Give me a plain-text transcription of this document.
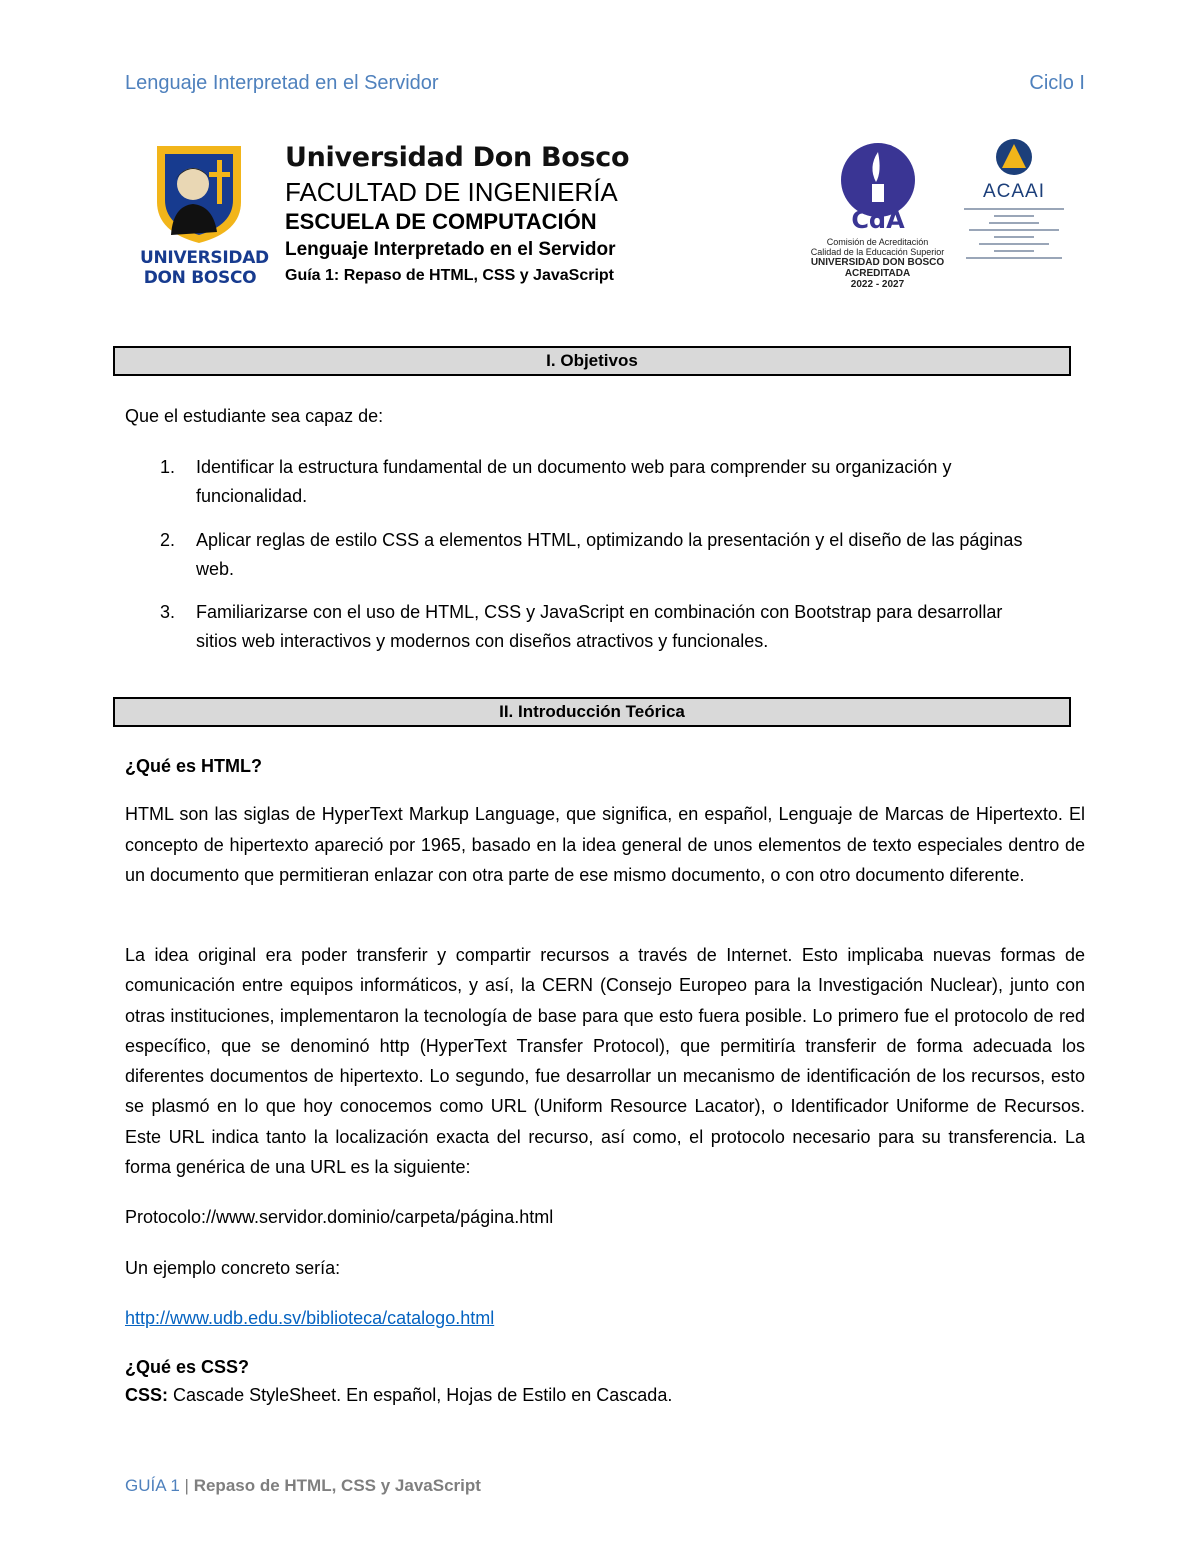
Lenguaje Interpretad en el Servidor	Ciclo I
UNIVERSIDAD
DON BOSCO
Universidad Don Bosco
FACULTAD DE INGENIERÍA
ESCUELA DE COMPUTACIÓN
Lenguaje Interpretado en el Servidor
Guía 1: Repaso de HTML, CSS y JavaScript
CdA
Comisión de Acreditación
Calidad de la Educación Superior
UNIVERSIDAD DON BOSCO
ACREDITADA
2022 - 2027
ACAAI
I. Objetivos
Que el estudiante sea capaz de:
1. Identificar la estructura fundamental de un documento web para comprender su organización y
funcionalidad.
2. Aplicar reglas de estilo CSS a elementos HTML, optimizando la presentación y el diseño de las páginas
web.
3. Familiarizarse con el uso de HTML, CSS y JavaScript en combinación con Bootstrap para desarrollar
sitios web interactivos y modernos con diseños atractivos y funcionales.
II. Introducción Teórica
¿Qué es HTML?
HTML son las siglas de HyperText Markup Language, que significa, en español, Lenguaje de Marcas de Hipertexto. El concepto de hipertexto apareció por 1965, basado en la idea general de unos elementos de texto especiales dentro de un documento que permitieran enlazar con otra parte de ese mismo documento, o con otro documento diferente.
La idea original era poder transferir y compartir recursos a través de Internet. Esto implicaba nuevas formas de comunicación entre equipos informáticos, y así, la CERN (Consejo Europeo para la Investigación Nuclear), junto con otras instituciones, implementaron la tecnología de base para que esto fuera posible. Lo primero fue el protocolo de red específico, que se denominó http (HyperText Transfer Protocol), que permitiría transferir de forma adecuada los diferentes documentos de hipertexto. Lo segundo, fue desarrollar un mecanismo de identificación de los recursos, esto se plasmó en lo que hoy conocemos como URL (Uniform Resource Lacator), o Identificador Uniforme de Recursos. Este URL indica tanto la localización exacta del recurso, así como, el protocolo necesario para su transferencia. La forma genérica de una URL es la siguiente:
Protocolo://www.servidor.dominio/carpeta/página.html
Un ejemplo concreto sería:
http://www.udb.edu.sv/biblioteca/catalogo.html
¿Qué es CSS?
CSS: Cascade StyleSheet. En español, Hojas de Estilo en Cascada.
GUÍA 1 | Repaso de HTML, CSS y JavaScript
